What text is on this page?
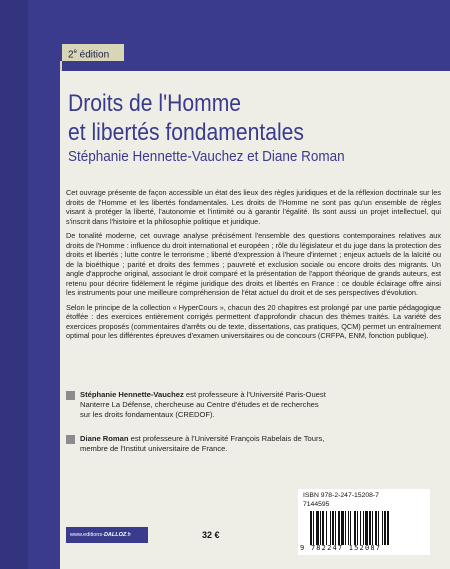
2e édition
Droits de l'Homme
et libertés fondamentales
Stéphanie Hennette-Vauchez et Diane Roman

Cet ouvrage présente de façon accessible un état des lieux des règles juridiques et de la réflexion doctrinale sur les droits de l'Homme et les libertés fondamentales. Les droits de l'Homme ne sont pas qu'un ensemble de règles visant à protéger la liberté, l'autonomie et l'intimité ou à garantir l'égalité. Ils sont aussi un projet intellectuel, qui s'inscrit dans l'histoire et la philosophie politique et juridique.

De tonalité moderne, cet ouvrage analyse précisément l'ensemble des questions contemporaines relatives aux droits de l'Homme : influence du droit international et européen ; rôle du législateur et du juge dans la protection des droits et libertés ; lutte contre le terrorisme ; liberté d'expression à l'heure d'internet ; enjeux actuels de la laïcité ou de la bioéthique ; parité et droits des femmes ; pauvreté et exclusion sociale ou encore droits des migrants. Un angle d'approche original, associant le droit comparé et la présentation de l'apport théorique de grands auteurs, est retenu pour décrire fidèlement le régime juridique des droits et libertés en France : ce double éclairage offre ainsi les instruments pour une meilleure compréhension de l'état actuel du droit et de ses perspectives d'évolution.

Selon le principe de la collection « HyperCours », chacun des 20 chapitres est prolongé par une partie pédagogique étoffée : des exercices entièrement corrigés permettent d'approfondir chacun des thèmes traités. La variété des exercices proposés (commentaires d'arrêts ou de texte, dissertations, cas pratiques, QCM) permet un entraînement optimal pour les différentes épreuves d'examen universitaires ou de concours (CRFPA, ENM, fonction publique).

Stéphanie Hennette-Vauchez est professeure à l'Université Paris-Ouest
Nanterre La Défense, chercheuse au Centre d'études et de recherches
sur les droits fondamentaux (CREDOF).
Diane Roman est professeure à l'Université François Rabelais de Tours,
membre de l'Institut universitaire de France.
ISBN 978-2-247-15208-7
7144595
9 782247 152087
www.editions-DALLOZ.fr	32 €
